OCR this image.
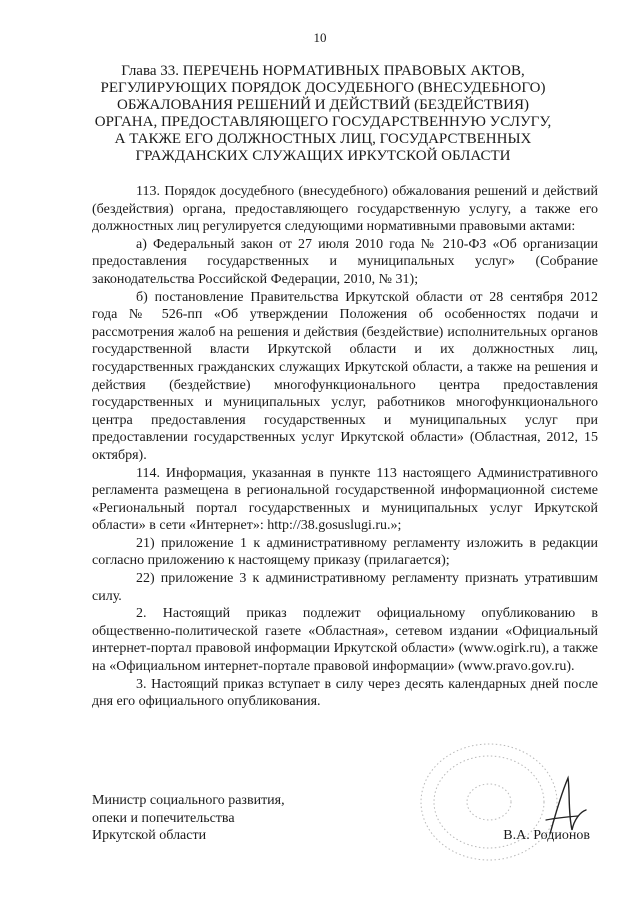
10
Глава 33. ПЕРЕЧЕНЬ НОРМАТИВНЫХ ПРАВОВЫХ АКТОВ, РЕГУЛИРУЮЩИХ ПОРЯДОК ДОСУДЕБНОГО (ВНЕСУДЕБНОГО) ОБЖАЛОВАНИЯ РЕШЕНИЙ И ДЕЙСТВИЙ (БЕЗДЕЙСТВИЯ) ОРГАНА, ПРЕДОСТАВЛЯЮЩЕГО ГОСУДАРСТВЕННУЮ УСЛУГУ, А ТАКЖЕ ЕГО ДОЛЖНОСТНЫХ ЛИЦ, ГОСУДАРСТВЕННЫХ ГРАЖДАНСКИХ СЛУЖАЩИХ ИРКУТСКОЙ ОБЛАСТИ

113. Порядок досудебного (внесудебного) обжалования решений и действий (бездействия) органа, предоставляющего государственную услугу, а также его должностных лиц регулируется следующими нормативными правовыми актами:

а) Федеральный закон от 27 июля 2010 года № 210-ФЗ «Об организации предоставления государственных и муниципальных услуг» (Собрание законодательства Российской Федерации, 2010, № 31);

б) постановление Правительства Иркутской области от 28 сентября 2012 года № 526-пп «Об утверждении Положения об особенностях подачи и рассмотрения жалоб на решения и действия (бездействие) исполнительных органов государственной власти Иркутской области и их должностных лиц, государственных гражданских служащих Иркутской области, а также на решения и действия (бездействие) многофункционального центра предоставления государственных и муниципальных услуг, работников многофункционального центра предоставления государственных и муниципальных услуг при предоставлении государственных услуг Иркутской области» (Областная, 2012, 15 октября).

114. Информация, указанная в пункте 113 настоящего Административного регламента размещена в региональной государственной информационной системе «Региональный портал государственных и муниципальных услуг Иркутской области» в сети «Интернет»: http://38.gosuslugi.ru.»;

21) приложение 1 к административному регламенту изложить в редакции согласно приложению к настоящему приказу (прилагается);

22) приложение 3 к административному регламенту признать утратившим силу.

2. Настоящий приказ подлежит официальному опубликованию в общественно-политической газете «Областная», сетевом издании «Официальный интернет-портал правовой информации Иркутской области» (www.ogirk.ru), а также на «Официальном интернет-портале правовой информации» (www.pravo.gov.ru).

3. Настоящий приказ вступает в силу через десять календарных дней после дня его официального опубликования.

Министр социального развития,
опеки и попечительства
Иркутской области	В.А. Родионов
